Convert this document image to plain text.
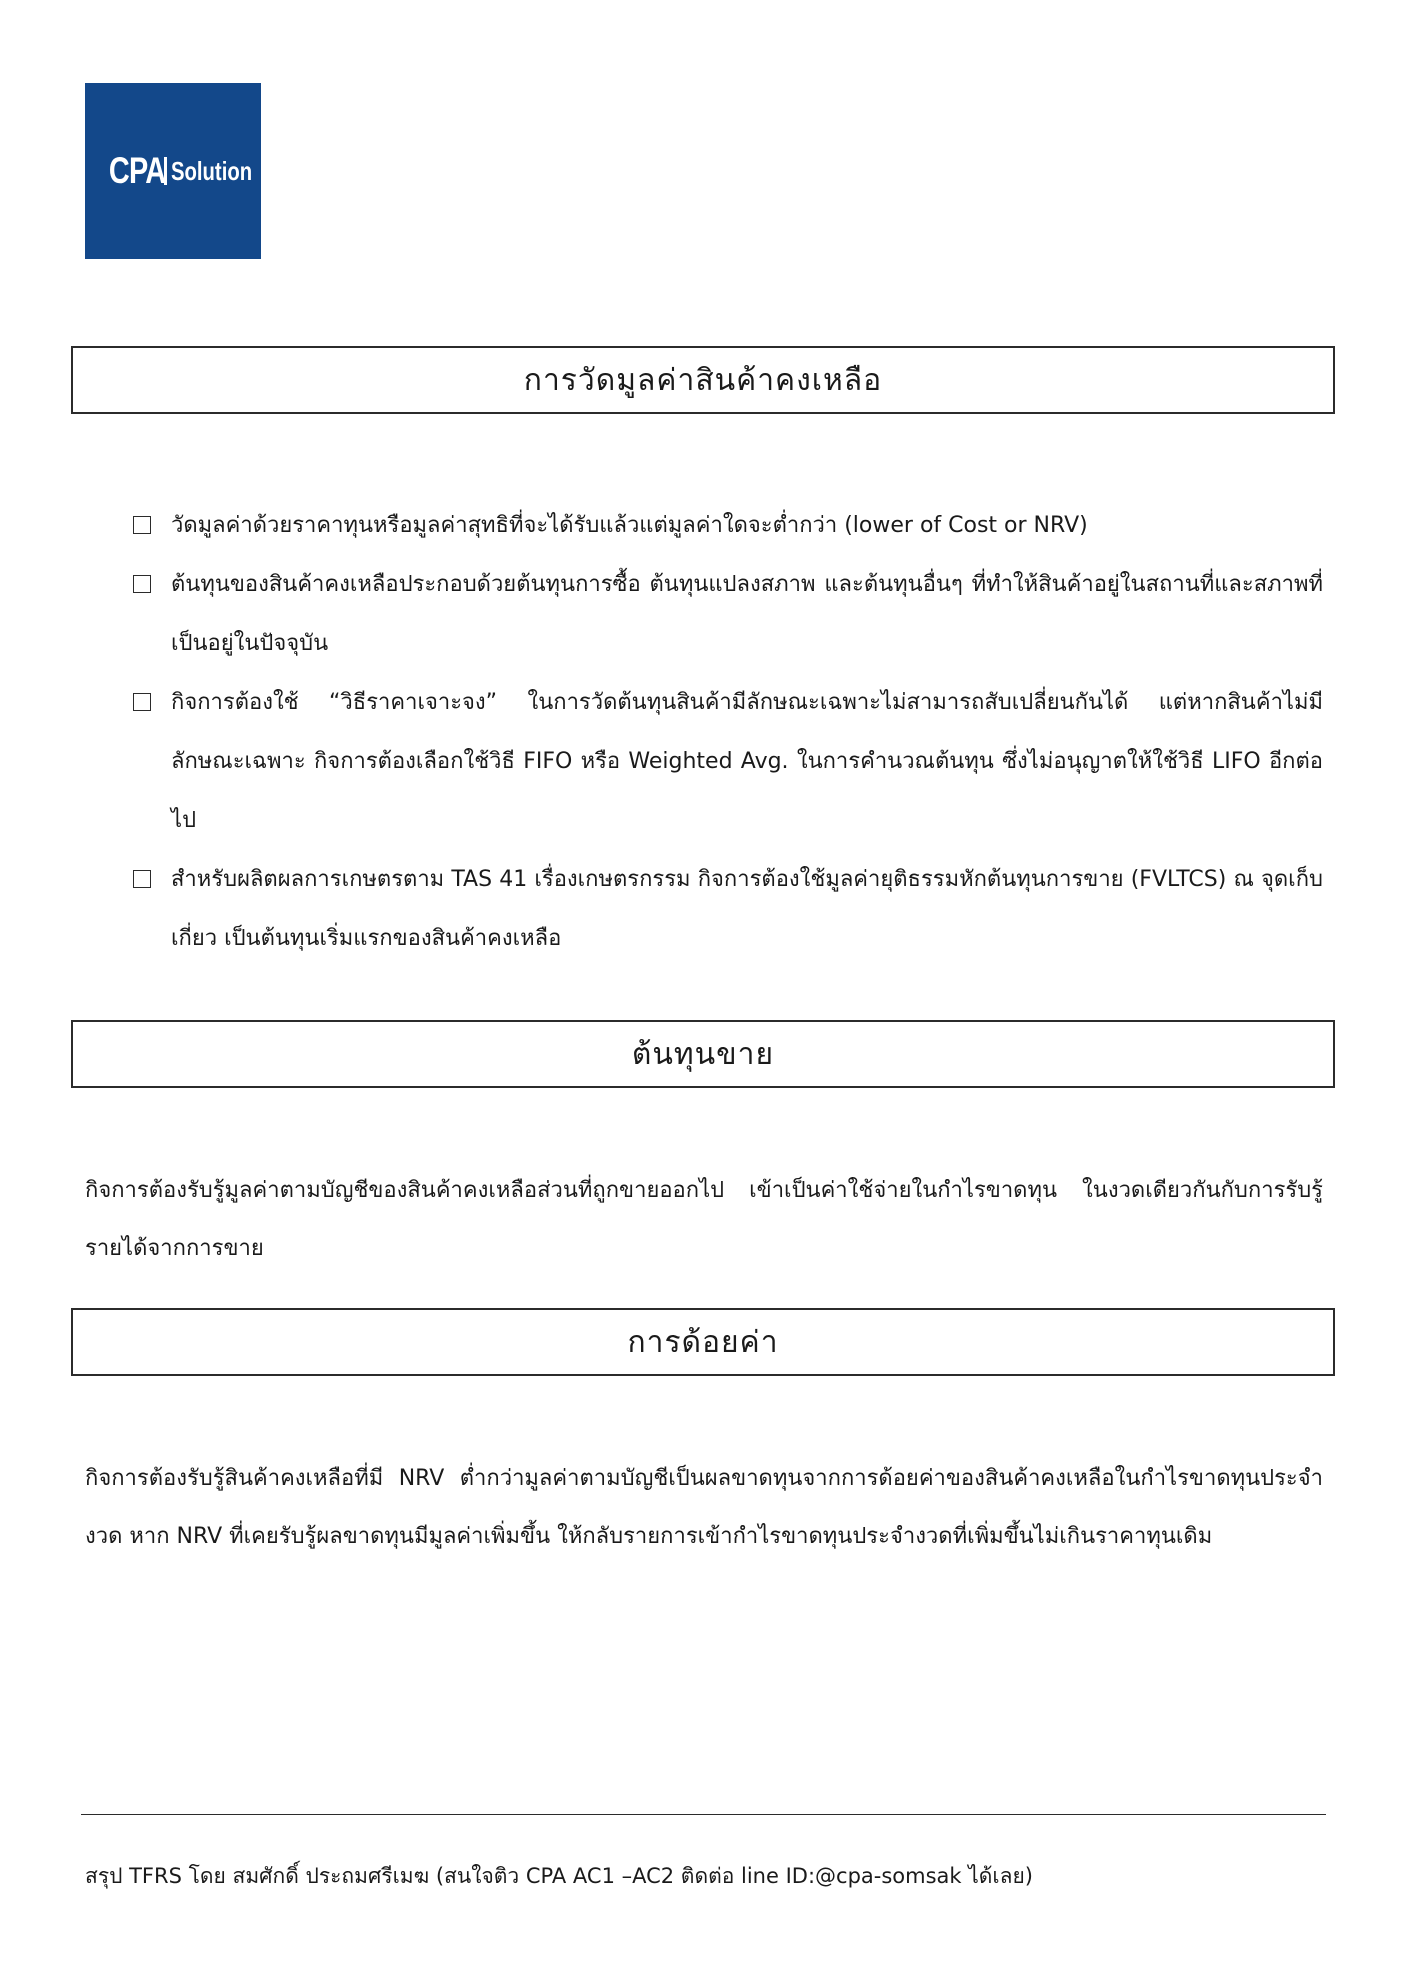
CPA Solution
การวัดมูลค่าสินค้าคงเหลือ
วัดมูลค่าด้วยราคาทุนหรือมูลค่าสุทธิที่จะได้รับแล้วแต่มูลค่าใดจะต่ำกว่า (lower of Cost or NRV)
ต้นทุนของสินค้าคงเหลือประกอบด้วยต้นทุนการซื้อ ต้นทุนแปลงสภาพ และต้นทุนอื่นๆ ที่ทำให้สินค้าอยู่ในสถานที่และสภาพที่เป็นอยู่ในปัจจุบัน
กิจการต้องใช้ “วิธีราคาเจาะจง” ในการวัดต้นทุนสินค้ามีลักษณะเฉพาะไม่สามารถสับเปลี่ยนกันได้ แต่หากสินค้าไม่มีลักษณะเฉพาะ กิจการต้องเลือกใช้วิธี FIFO หรือ Weighted Avg. ในการคำนวณต้นทุน ซึ่งไม่อนุญาตให้ใช้วิธี LIFO อีกต่อไป
สำหรับผลิตผลการเกษตรตาม TAS 41 เรื่องเกษตรกรรม กิจการต้องใช้มูลค่ายุติธรรมหักต้นทุนการขาย (FVLTCS) ณ จุดเก็บเกี่ยว เป็นต้นทุนเริ่มแรกของสินค้าคงเหลือ
ต้นทุนขาย

กิจการต้องรับรู้มูลค่าตามบัญชีของสินค้าคงเหลือส่วนที่ถูกขายออกไป เข้าเป็นค่าใช้จ่ายในกำไรขาดทุน ในงวดเดียวกันกับการรับรู้รายได้จากการขาย

การด้อยค่า

กิจการต้องรับรู้สินค้าคงเหลือที่มี NRV ต่ำกว่ามูลค่าตามบัญชีเป็นผลขาดทุนจากการด้อยค่าของสินค้าคงเหลือในกำไรขาดทุนประจำงวด หาก NRV ที่เคยรับรู้ผลขาดทุนมีมูลค่าเพิ่มขึ้น ให้กลับรายการเข้ากำไรขาดทุนประจำงวดที่เพิ่มขึ้นไม่เกินราคาทุนเดิม

สรุป TFRS โดย สมศักดิ์ ประถมศรีเมฆ (สนใจติว CPA AC1 –AC2 ติดต่อ line ID:@cpa-somsak ได้เลย)
